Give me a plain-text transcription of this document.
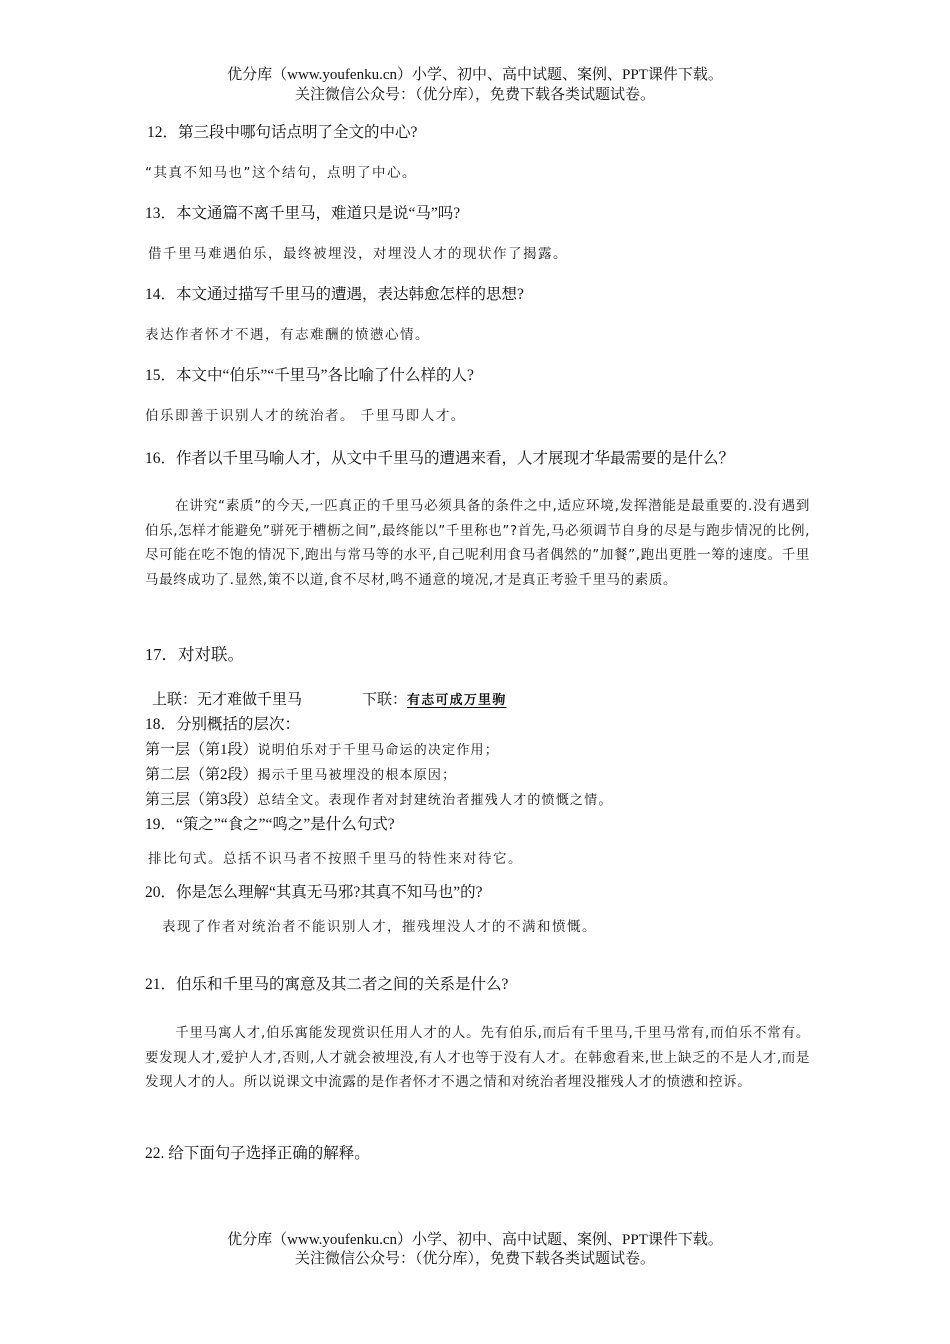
优分库（www.youfenku.cn）小学、初中、高中试题、案例、PPT课件下载。
关注微信公众号：（优分库），免费下载各类试题试卷。
12．第三段中哪句话点明了全文的中心?
“其真不知马也”这个结句，点明了中心。
13．本文通篇不离千里马，难道只是说“马”吗?
借千里马难遇伯乐，最终被埋没，对埋没人才的现状作了揭露。
14．本文通过描写千里马的遭遇，表达韩愈怎样的思想?
表达作者怀才不遇，有志难酬的愤懑心情。
15．本文中“伯乐”“千里马”各比喻了什么样的人?
伯乐即善于识别人才的统治者。 千里马即人才。
16．作者以千里马喻人才，从文中千里马的遭遇来看，人才展现才华最需要的是什么？
在讲究“素质”的今天,一匹真正的千里马必须具备的条件之中,适应环境,发挥潜能是最重要的.没有遇到伯乐,怎样才能避免”骈死于槽枥之间”,最终能以”千里称也”?首先,马必须调节自身的尽是与跑步情况的比例,尽可能在吃不饱的情况下,跑出与常马等的水平,自己呢利用食马者偶然的”加餐”,跑出更胜一筹的速度。千里马最终成功了.显然,策不以道,食不尽材,鸣不通意的境况,才是真正考验千里马的素质。
17．对对联。
上联：无才难做千里马	下联：有志可成万里驹
18．分别概括的层次：
第一层（第1段）说明伯乐对于千里马命运的决定作用；
第二层（第2段）揭示千里马被埋没的根本原因；
第三层（第3段）总结全文。表现作者对封建统治者摧残人才的愤慨之情。
19．“策之”“食之”“鸣之”是什么句式?
排比句式。总括不识马者不按照千里马的特性来对待它。
20．你是怎么理解“其真无马邪?其真不知马也”的?
表现了作者对统治者不能识别人才，摧残埋没人才的不满和愤慨。
21．伯乐和千里马的寓意及其二者之间的关系是什么?
千里马寓人才,伯乐寓能发现赏识任用人才的人。先有伯乐,而后有千里马,千里马常有,而伯乐不常有。要发现人才,爱护人才,否则,人才就会被埋没,有人才也等于没有人才。在韩愈看来,世上缺乏的不是人才,而是发现人才的人。所以说课文中流露的是作者怀才不遇之情和对统治者埋没摧残人才的愤懑和控诉。
22. 给下面句子选择正确的解释。
优分库（www.youfenku.cn）小学、初中、高中试题、案例、PPT课件下载。
关注微信公众号：（优分库），免费下载各类试题试卷。
